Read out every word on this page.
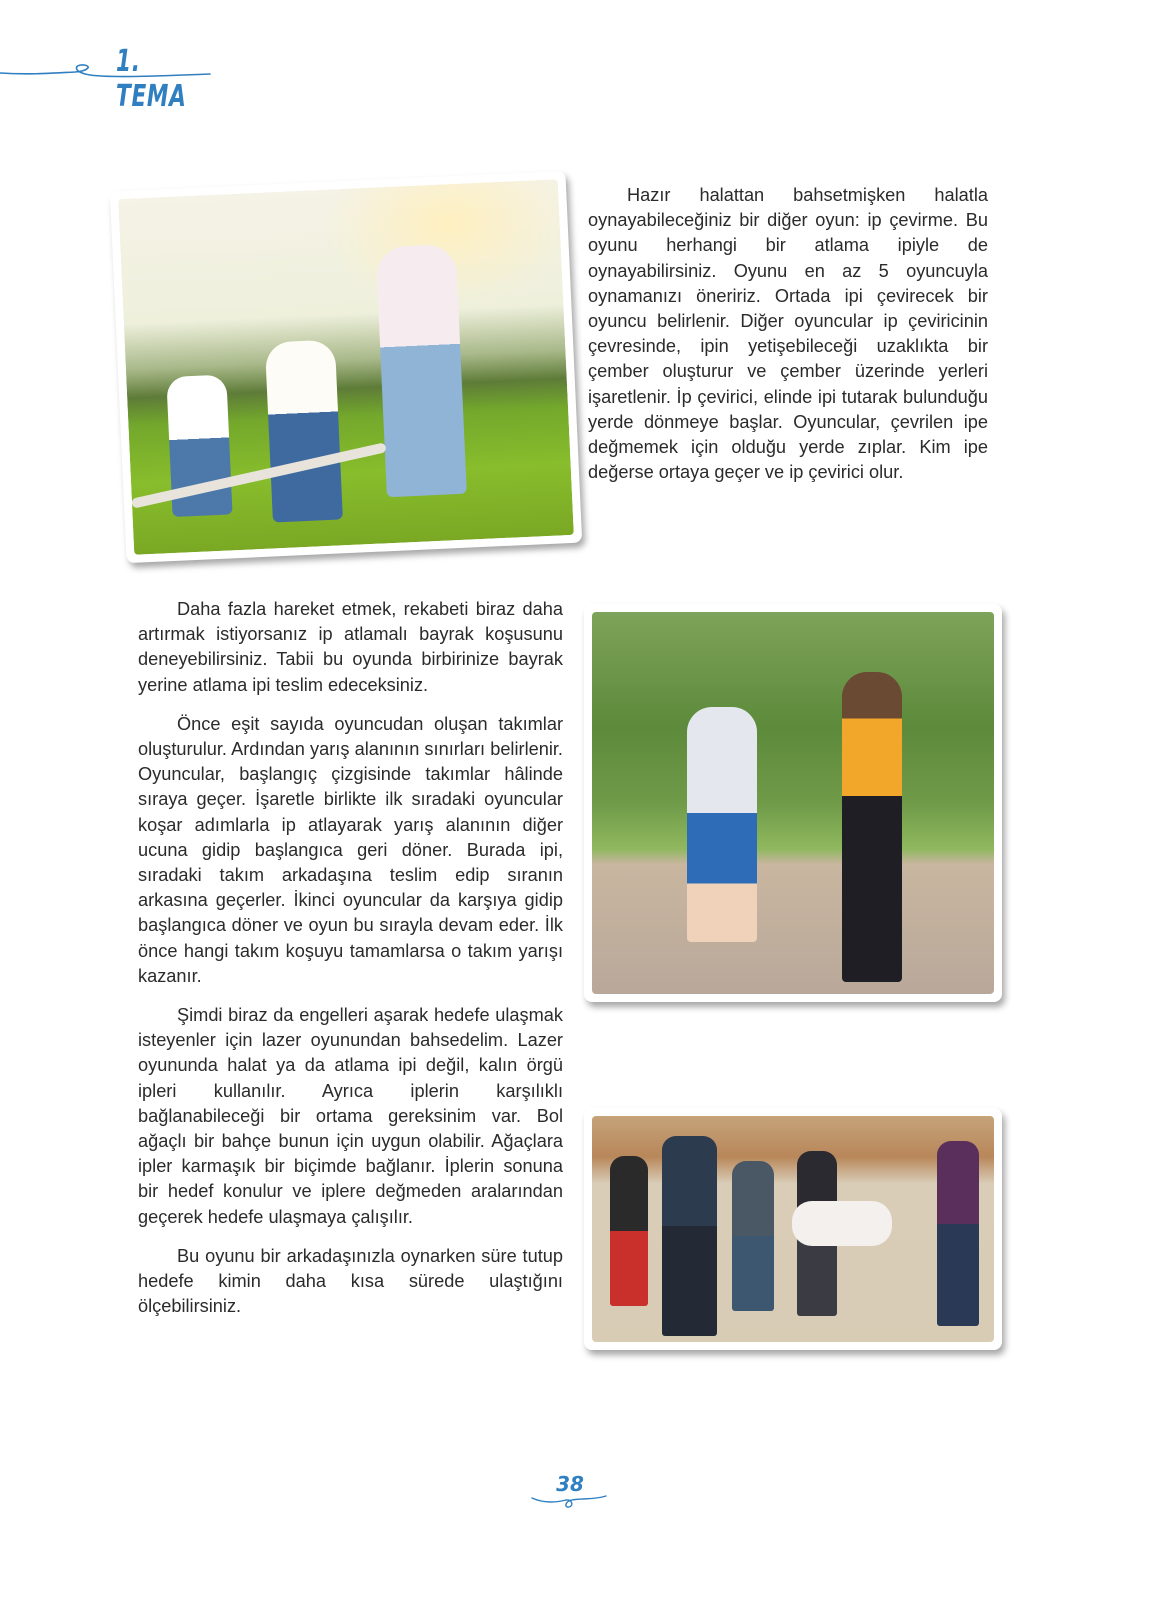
1. TEMA

Hazır halattan bahsetmişken halatla oynayabileceğiniz bir diğer oyun: ip çevirme. Bu oyunu herhangi bir atlama ipiyle de oynayabilirsiniz. Oyunu en az 5 oyuncuyla oynamanızı öneririz. Ortada ipi çevirecek bir oyuncu belirlenir. Diğer oyuncular ip çeviricinin çevresinde, ipin yetişebileceği uzaklıkta bir çember oluşturur ve çember üzerinde yerleri işaretlenir. İp çevirici, elinde ipi tutarak bulunduğu yerde dönmeye başlar. Oyuncular, çevrilen ipe değmemek için olduğu yerde zıplar. Kim ipe değerse ortaya geçer ve ip çevirici olur.

Daha fazla hareket etmek, rekabeti biraz daha artırmak istiyorsanız ip atlamalı bayrak koşusunu deneyebilirsiniz. Tabii bu oyunda birbirinize bayrak yerine atlama ipi teslim edeceksiniz.

Önce eşit sayıda oyuncudan oluşan takımlar oluşturulur. Ardından yarış alanının sınırları belirlenir. Oyuncular, başlangıç çizgisinde takımlar hâlinde sıraya geçer. İşaretle birlikte ilk sıradaki oyuncular koşar adımlarla ip atlayarak yarış alanının diğer ucuna gidip başlangıca geri döner. Burada ipi, sıradaki takım arkadaşına teslim edip sıranın arkasına geçerler. İkinci oyuncular da karşıya gidip başlangıca döner ve oyun bu sırayla devam eder. İlk önce hangi takım koşuyu tamamlarsa o takım yarışı kazanır.

Şimdi biraz da engelleri aşarak hedefe ulaşmak isteyenler için lazer oyunundan bahsedelim. Lazer oyununda halat ya da atlama ipi değil, kalın örgü ipleri kullanılır. Ayrıca iplerin karşılıklı bağlanabileceği bir ortama gereksinim var. Bol ağaçlı bir bahçe bunun için uygun olabilir. Ağaçlara ipler karmaşık bir biçimde bağlanır. İplerin sonuna bir hedef konulur ve iplere değmeden aralarından geçerek hedefe ulaşmaya çalışılır.

Bu oyunu bir arkadaşınızla oynarken süre tutup hedefe kimin daha kısa sürede ulaştığını ölçebilirsiniz.

38
